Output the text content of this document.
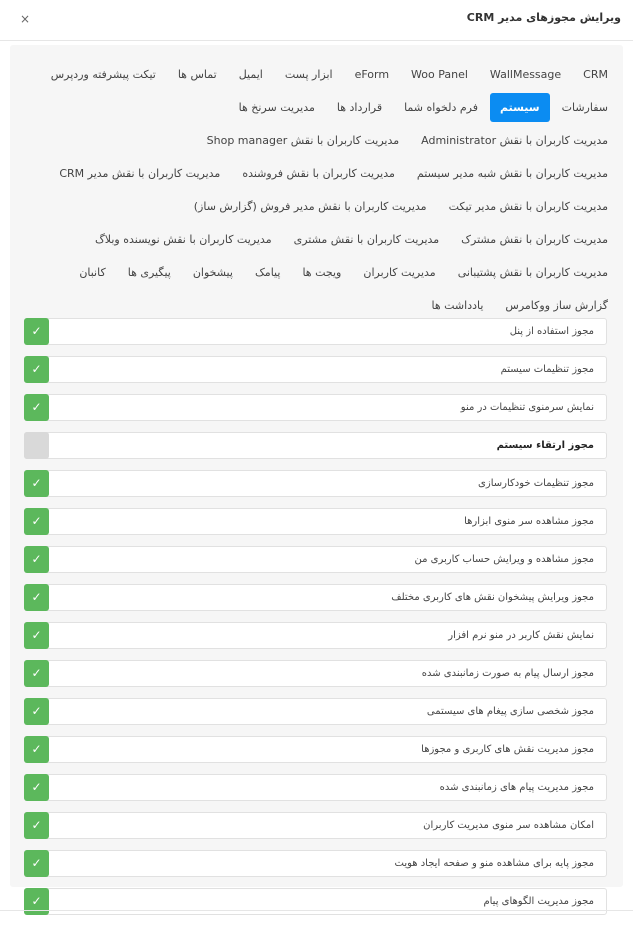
ویرایش مجوزهای مدیر CRM
×
CRMWallMessageWoo PaneleFormابزار پستایمیلتماس هاتیکت پیشرفته وردپرسسفارشاتسیستمفرم دلخواه شماقرارداد هامدیریت سرنخ هامدیریت کاربران با نقش Administratorمدیریت کاربران با نقش Shop managerمدیریت کاربران با نقش شبه مدیر سیستممدیریت کاربران با نقش فروشندهمدیریت کاربران با نقش مدیر CRMمدیریت کاربران با نقش مدیر تیکتمدیریت کاربران با نقش مدیر فروش (گزارش ساز)مدیریت کاربران با نقش مشترکمدیریت کاربران با نقش مشتریمدیریت کاربران با نقش نویسنده وبلاگمدیریت کاربران با نقش پشتیبانیمدیریت کاربرانویجت هاپیامکپیشخوانپیگیری هاکانبانگزارش ساز ووکامرسیادداشت ها
مجوز استفاده از پنل
✓
مجوز تنظیمات سیستم
✓
نمایش سرمنوی تنظیمات در منو
✓
مجوز ارتقاء سیستم
مجوز تنظیمات خودکارسازی
✓
مجوز مشاهده سر منوی ابزارها
✓
مجوز مشاهده و ویرایش حساب کاربری من
✓
مجوز ویرایش پیشخوان نقش های کاربری مختلف
✓
نمایش نقش کاربر در منو نرم افزار
✓
مجوز ارسال پیام به صورت زمانبندی شده
✓
مجوز شخصی سازی پیغام های سیستمی
✓
مجوز مدیریت نقش های کاربری و مجوزها
✓
مجوز مدیریت پیام های زمانبندی شده
✓
امکان مشاهده سر منوی مدیریت کاربران
✓
مجوز پایه برای مشاهده منو و صفحه ایجاد هویت
✓
مجوز مدیریت الگوهای پیام
✓
